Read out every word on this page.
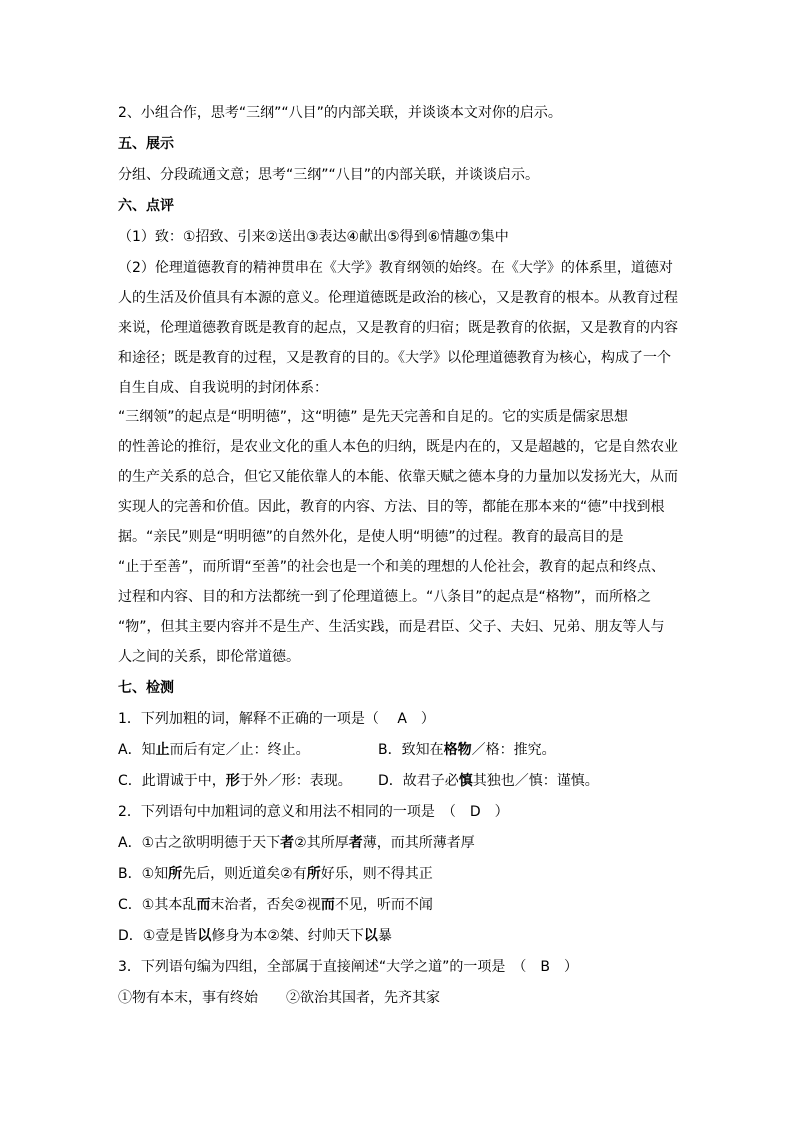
2、小组合作，思考“三纲”“八目”的内部关联，并谈谈本文对你的启示。
五、展示
分组、分段疏通文意；思考“三纲”“八目”的内部关联，并谈谈启示。
六、点评
（1）致：①招致、引来②送出③表达④献出⑤得到⑥情趣⑦集中
（2）伦理道德教育的精神贯串在《大学》教育纲领的始终。在《大学》的体系里，道德对
人的生活及价值具有本源的意义。伦理道德既是政治的核心，又是教育的根本。从教育过程
来说，伦理道德教育既是教育的起点，又是教育的归宿；既是教育的依据，又是教育的内容
和途径；既是教育的过程，又是教育的目的。《大学》以伦理道德教育为核心，构成了一个
自生自成、自我说明的封闭体系：
“三纲领”的起点是“明明德”，这“明德” 是先天完善和自足的。它的实质是儒家思想
的性善论的推衍，是农业文化的重人本色的归纳，既是内在的，又是超越的，它是自然农业
的生产关系的总合，但它又能依靠人的本能、依靠天赋之德本身的力量加以发扬光大，从而
实现人的完善和价值。因此，教育的内容、方法、目的等，都能在那本来的“德”中找到根
据。“亲民”则是“明明德”的自然外化，是使人明“明德”的过程。教育的最高目的是
“止于至善”，而所谓“至善”的社会也是一个和美的理想的人伦社会，教育的起点和终点、
过程和内容、目的和方法都统一到了伦理道德上。“八条目”的起点是“格物”，而所格之
“物”，但其主要内容并不是生产、生活实践，而是君臣、父子、夫妇、兄弟、朋友等人与
人之间的关系，即伦常道德。
七、检测
1．下列加粗的词，解释不正确的一项是（　 A　）
A．知止而后有定／止：终止。	B．致知在格物／格：推究。
C．此谓诚于中，形于外／形：表现。 D．故君子必慎其独也／慎：谨慎。
2．下列语句中加粗词的意义和用法不相同的一项是　（　D　）
A．①古之欲明明德于天下者②其所厚者薄，而其所薄者厚
B．①知所先后，则近道矣②有所好乐，则不得其正
C．①其本乱而末治者，否矣②视而不见，听而不闻
D．①壹是皆以修身为本②桀、纣帅天下以暴
3．下列语句编为四组，全部属于直接阐述“大学之道”的一项是　（　B　）
①物有本末，事有终始　　②欲治其国者，先齐其家
